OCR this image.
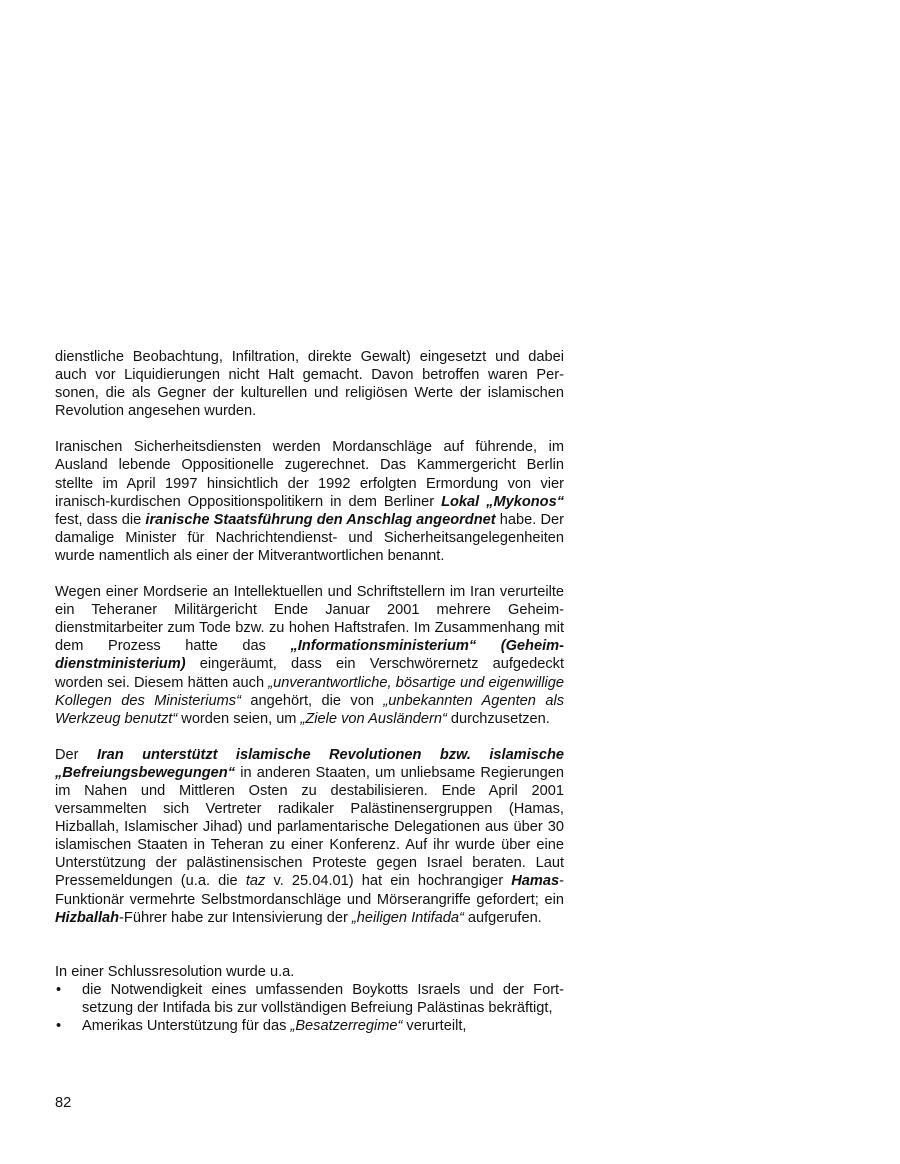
dienstliche Beobachtung, Infiltration, direkte Gewalt) eingesetzt und dabei auch vor Liquidierungen nicht Halt gemacht. Davon betroffen waren Per- sonen, die als Gegner der kulturellen und religiösen Werte der islamischen Revolution angesehen wurden.

Iranischen Sicherheitsdiensten werden Mordanschläge auf führende, im Ausland lebende Oppositionelle zugerechnet. Das Kammergericht Berlin stellte im April 1997 hinsichtlich der 1992 erfolgten Ermordung von vier iranisch-kurdischen Oppositionspolitikern in dem Berliner Lokal „Mykonos“ fest, dass die iranische Staatsführung den Anschlag angeordnet habe. Der damalige Minister für Nachrichtendienst- und Sicherheitsangelegenheiten wurde namentlich als einer der Mitverantwortlichen benannt.

Wegen einer Mordserie an Intellektuellen und Schriftstellern im Iran verurteilte ein Teheraner Militärgericht Ende Januar 2001 mehrere Geheimdienstmitarbeiter zum Tode bzw. zu hohen Haftstrafen. Im Zusammenhang mit dem Prozess hatte das „Informationsministerium“ (Geheimdienstministerium) eingeräumt, dass ein Verschwörernetz aufgedeckt worden sei. Diesem hätten auch „unverantwortliche, bösartige und eigenwillige Kollegen des Ministeriums“ angehört, die von „unbekannten Agenten als Werkzeug benutzt“ worden seien, um „Ziele von Ausländern“ durchzusetzen.

Der Iran unterstützt islamische Revolutionen bzw. islamische „Befreiungsbewegungen“ in anderen Staaten, um unliebsame Regierungen im Nahen und Mittleren Osten zu destabilisieren. Ende April 2001 versammelten sich Vertreter radikaler Palästinensergruppen (Hamas, Hizballah, Islamischer Jihad) und parlamentarische Delegationen aus über 30 islamischen Staaten in Teheran zu einer Konferenz. Auf ihr wurde über eine Unterstützung der palästinensischen Proteste gegen Israel beraten. Laut Pressemeldungen (u.a. die taz v. 25.04.01) hat ein hochrangiger Hamas-Funktionär vermehrte Selbstmordanschläge und Mörserangriffe gefordert; ein Hizballah-Führer habe zur Intensivierung der „heiligen Intifada“ aufgerufen.

In einer Schlussresolution wurde u.a.

• die Notwendigkeit eines umfassenden Boykotts Israels und der Fortsetzung der Intifada bis zur vollständigen Befreiung Palästinas bekräftigt,
• Amerikas Unterstützung für das „Besatzerregime“ verurteilt,
82
